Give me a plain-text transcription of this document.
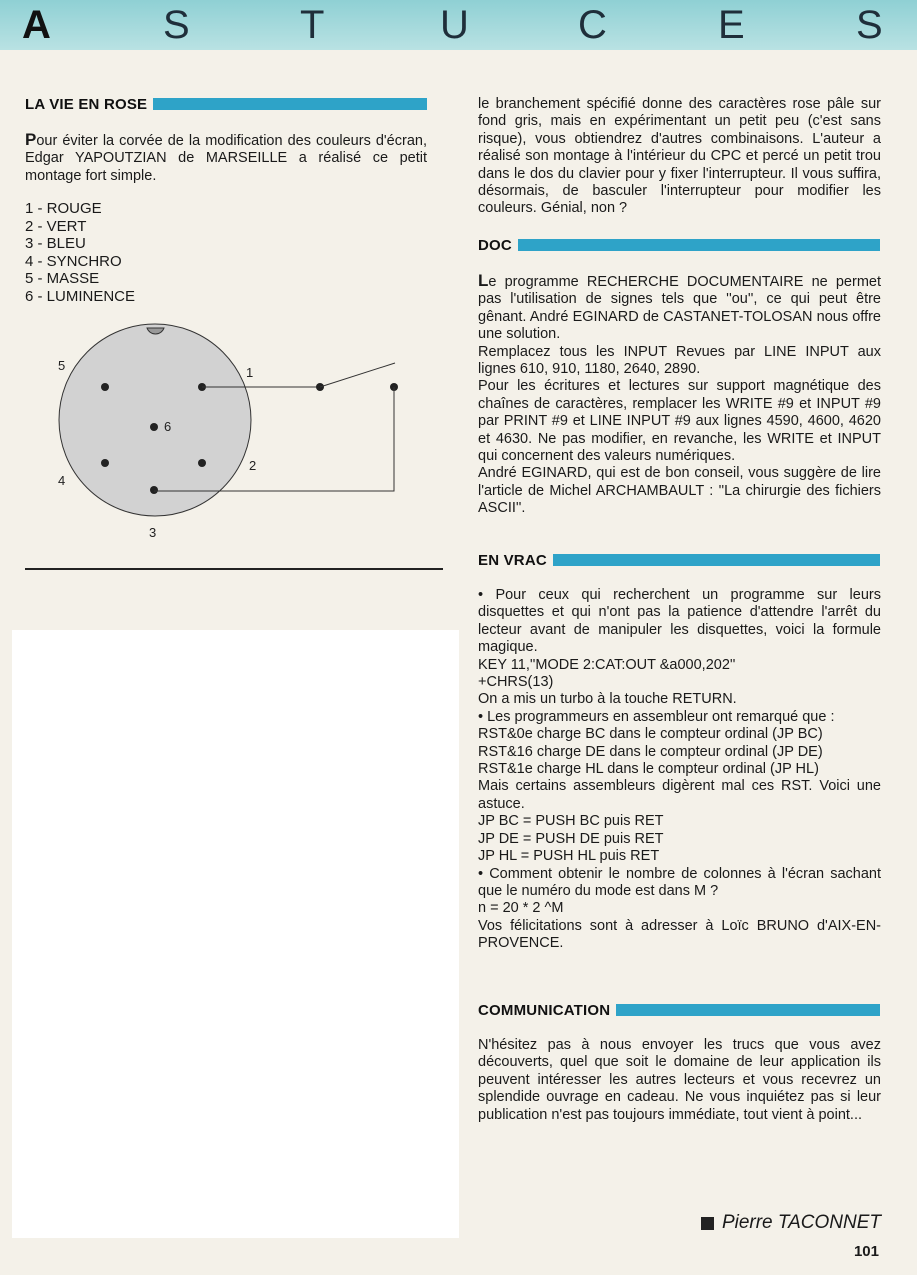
A	S	T	U	C	E	S
LA VIE EN ROSE

Pour éviter la corvée de la modification des couleurs d'écran, Edgar YAPOUTZIAN de MARSEILLE a réalisé ce petit montage fort simple.

1 - ROUGE
2 - VERT
3 - BLEU
4 - SYNCHRO
5 - MASSE
6 - LUMINENCE
1
2
3
4
5
6

le branchement spécifié donne des caractères rose pâle sur fond gris, mais en expérimentant un petit peu (c'est sans risque), vous obtiendrez d'autres combinaisons. L'auteur a réalisé son montage à l'intérieur du CPC et percé un petit trou dans le dos du clavier pour y fixer l'interrupteur. Il vous suffira, désormais, de basculer l'interrupteur pour modifier les couleurs. Génial, non ?

DOC

Le programme RECHERCHE DOCUMENTAIRE ne permet pas l'utilisation de signes tels que ''ou'', ce qui peut être gênant. André EGINARD de CASTANET-TOLOSAN nous offre une solution.

Remplacez tous les INPUT Revues par LINE INPUT aux lignes 610, 910, 1180, 2640, 2890.

Pour les écritures et lectures sur support magnétique des chaînes de caractères, remplacer les WRITE #9 et INPUT #9 par PRINT #9 et LINE INPUT #9 aux lignes 4590, 4600, 4620 et 4630. Ne pas modifier, en revanche, les WRITE et INPUT qui concernent des valeurs numériques.

André EGINARD, qui est de bon conseil, vous suggère de lire l'article de Michel ARCHAMBAULT : ''La chirurgie des fichiers ASCII''.

EN VRAC

• Pour ceux qui recherchent un programme sur leurs disquettes et qui n'ont pas la patience d'attendre l'arrêt du lecteur avant de manipuler les disquettes, voici la formule magique.

KEY 11,''MODE 2:CAT:OUT &a000,202''

+CHRS(13)

On a mis un turbo à la touche RETURN.

• Les programmeurs en assembleur ont remarqué que :

RST&0e charge BC dans le compteur ordinal (JP BC)

RST&16 charge DE dans le compteur ordinal (JP DE)

RST&1e charge HL dans le compteur ordinal (JP HL)

Mais certains assembleurs digèrent mal ces RST. Voici une astuce.

JP BC = PUSH BC puis RET

JP DE = PUSH DE puis RET

JP HL = PUSH HL puis RET

• Comment obtenir le nombre de colonnes à l'écran sachant que le numéro du mode est dans M ?

n = 20 * 2 ^M

Vos félicitations sont à adresser à Loïc BRUNO d'AIX-EN-PROVENCE.

COMMUNICATION

N'hésitez pas à nous envoyer les trucs que vous avez découverts, quel que soit le domaine de leur application ils peuvent intéresser les autres lecteurs et vous recevrez un splendide ouvrage en cadeau. Ne vous inquiétez pas si leur publication n'est pas toujours immédiate, tout vient à point...

Pierre TACONNET
101
